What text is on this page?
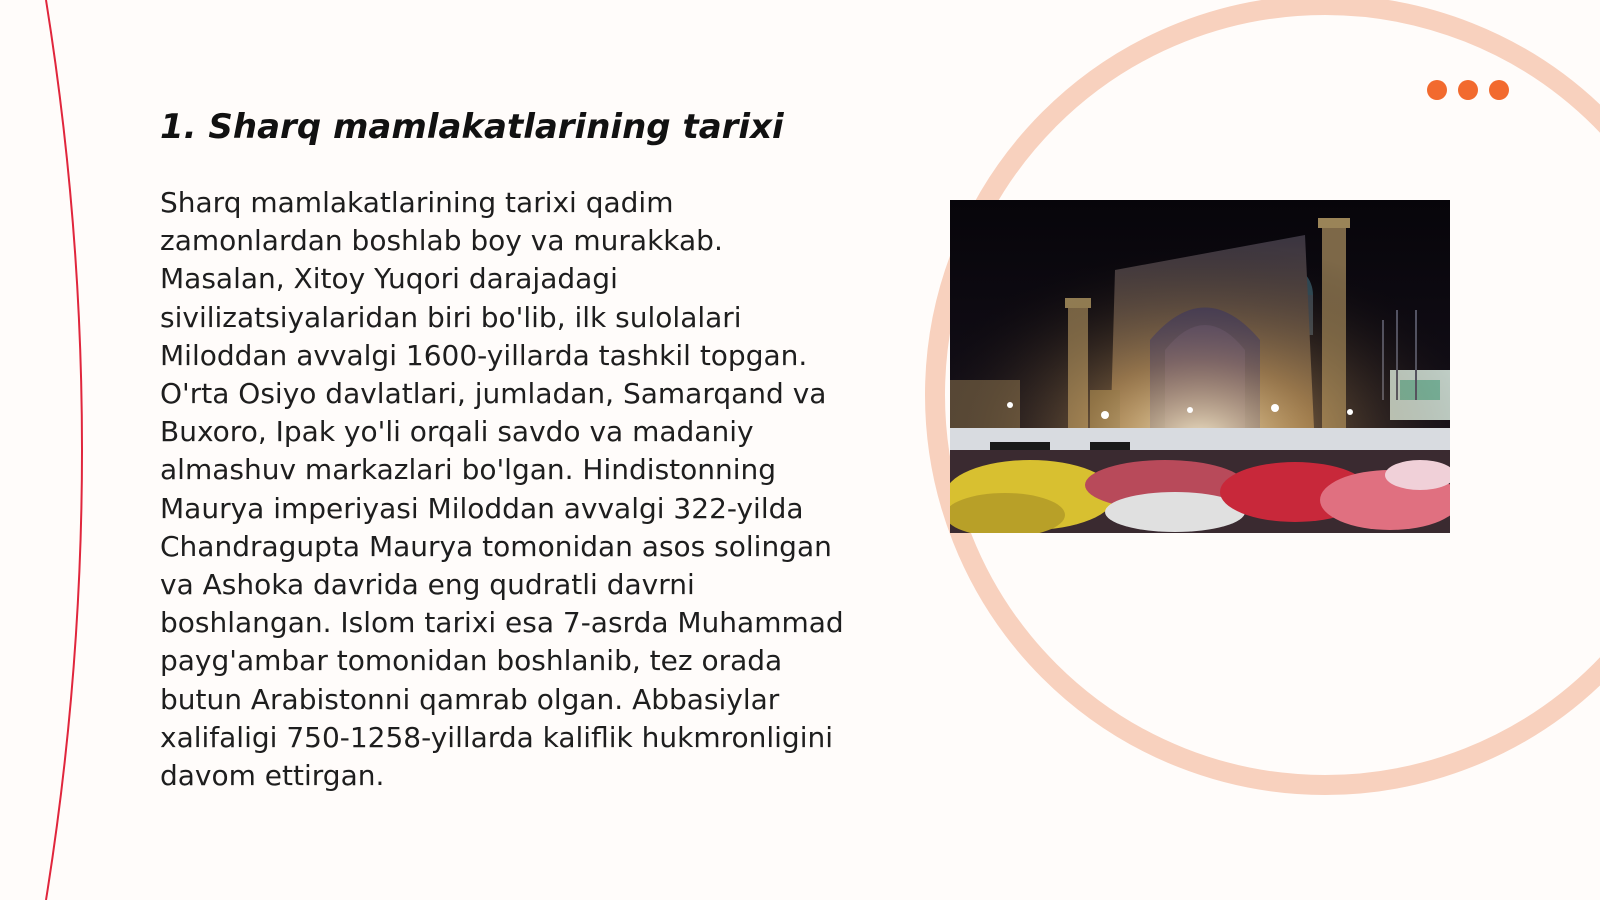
1. Sharq mamlakatlarining tarixi

Sharq mamlakatlarining tarixi qadim zamonlardan boshlab boy va murakkab. Masalan, Xitoy Yuqori darajadagi sivilizatsiyalaridan biri bo'lib, ilk sulolalari Miloddan avvalgi 1600-yillarda tashkil topgan. O'rta Osiyo davlatlari, jumladan, Samarqand va Buxoro, Ipak yo'li orqali savdo va madaniy almashuv markazlari bo'lgan. Hindistonning Maurya imperiyasi Miloddan avvalgi 322-yilda Chandragupta Maurya tomonidan asos solingan va Ashoka davrida eng qudratli davrni boshlangan. Islom tarixi esa 7-asrda Muhammad payg'ambar tomonidan boshlanib, tez orada butun Arabistonni qamrab olgan. Abbasiylar xalifaligi 750-1258-yillarda kaliflik hukmronligini davom ettirgan.
